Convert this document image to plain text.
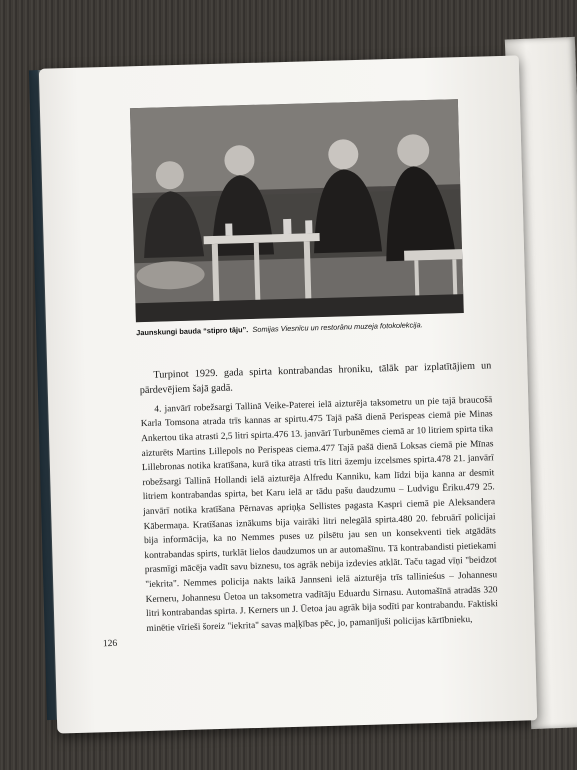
Jaunskungi bauda “stipro tāju”. Somijas Viesnīcu un restorānu muzeja fotokolekcija.

Turpinot 1929. gada spirta kontrabandas hroniku, tālāk par izplatītājiem un pārdevējiem šajā gadā.

4. janvārī robežsargi Tallinā Veike-Paterei ielā aizturēja taksometru un pie tajā braucošā Karla Tomsona atrada trīs kannas ar spirtu.475 Tajā pašā dienā Perispeas ciemā pie Minas Ankertou tika atrasti 2,5 litri spirta.476 13. janvārī Turbunēmes ciemā ar 10 litriem spirta tika aizturēts Martins Lillepols no Perispeas ciema.477 Tajā pašā dienā Loksas ciemā pie Mīnas Lillebronas notika kratīšana, kurā tika atrasti trīs litri āzemju izcelsmes spirta.478 21. janvārī robežsargi Tallinā Hollandi ielā aizturēja Alfredu Kanniku, kam līdzi bija kanna ar desmit litriem kontrabandas spirta, bet Karu ielā ar tādu pašu daudzumu – Ludvigu Ēriku.479 25. janvārī notika kratīšana Pērnavas apriņķa Sellistes pagasta Kaspri ciemā pie Aleksandera Kābermaņa. Kratīšanas iznākums bija vairāki litri nelegālā spirta.480 20. februārī policijai bija informācija, ka no Nemmes puses uz pilsētu jau sen un konsekventi tiek atgādāts kontrabandas spirts, turklāt lielos daudzumos un ar automašīnu. Tā kontrabandisti pietiekami prasmīgi mācēja vadīt savu biznesu, tos agrāk nebija izdevies atklāt. Taču tagad vīņi "beidzot "iekrita". Nemmes policija nakts laikā Jannseni ielā aizturēja trīs tallinieśus – Johannesu Kerneru, Johannesu Ūetoa un taksometra vadītāju Eduardu Sirnasu. Automašīnā atradās 320 litri kontrabandas spirta. J. Kerners un J. Ūetoa jau agrāk bija sodīti par kontrabandu. Faktiski minētie vīrieši šoreiz "iekrita" savas maļķības pēc, jo, pamanījuši policijas kārtībnieku,

126
